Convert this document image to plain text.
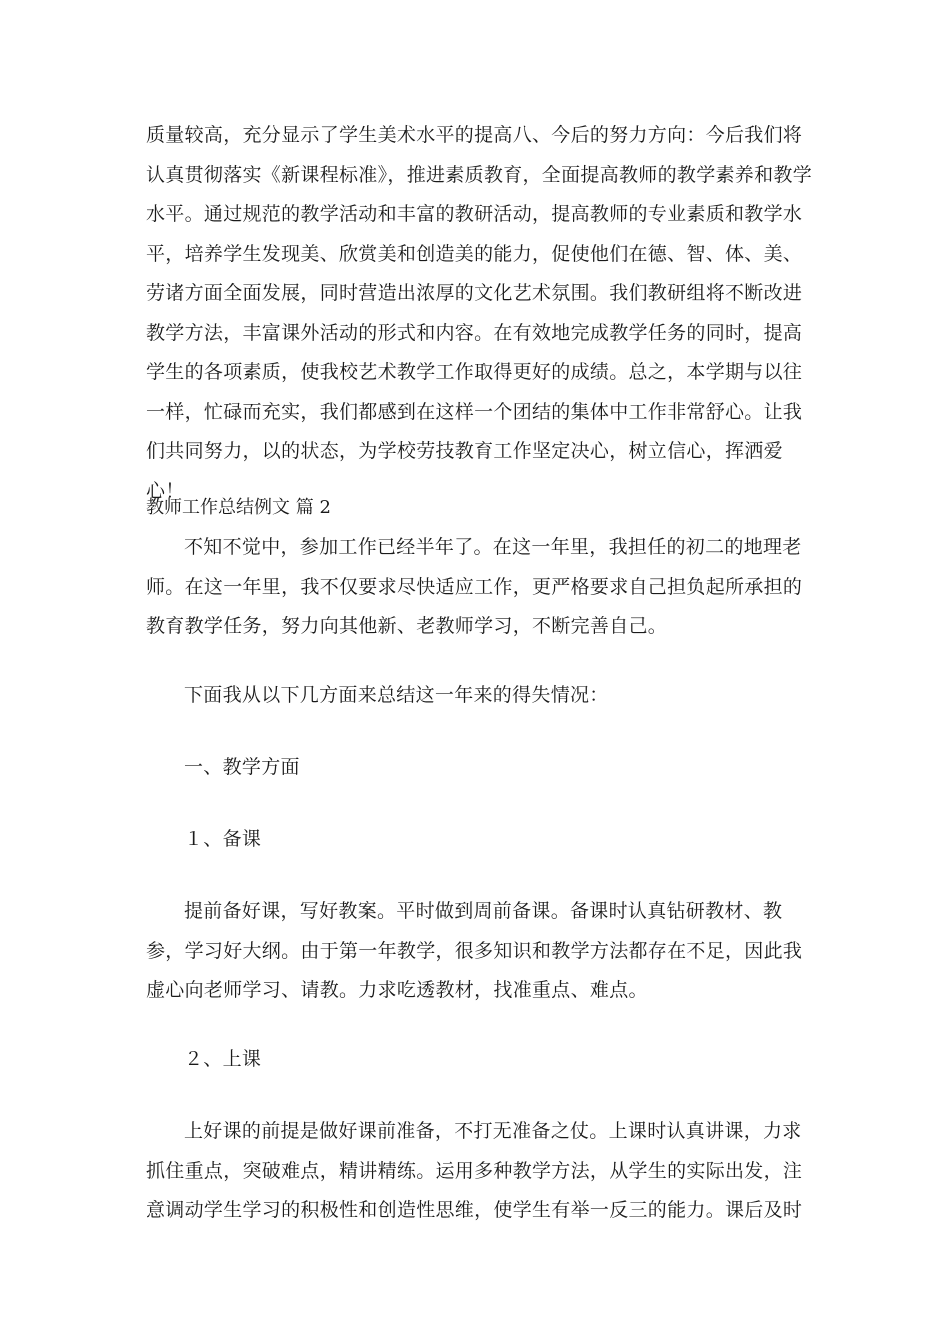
质量较高，充分显示了学生美术水平的提高八、今后的努力方向：今后我们将认真贯彻落实《新课程标准》，推进素质教育，全面提高教师的教学素养和教学水平。通过规范的教学活动和丰富的教研活动，提高教师的专业素质和教学水平，培养学生发现美、欣赏美和创造美的能力，促使他们在德、智、体、美、劳诸方面全面发展，同时营造出浓厚的文化艺术氛围。我们教研组将不断改进教学方法，丰富课外活动的形式和内容。在有效地完成教学任务的同时，提高学生的各项素质，使我校艺术教学工作取得更好的成绩。总之，本学期与以往一样，忙碌而充实，我们都感到在这样一个团结的集体中工作非常舒心。让我们共同努力，以的状态，为学校劳技教育工作坚定决心，树立信心，挥洒爱心！

教师工作总结例文 篇 2

不知不觉中，参加工作已经半年了。在这一年里，我担任的初二的地理老师。在这一年里，我不仅要求尽快适应工作，更严格要求自己担负起所承担的教育教学任务，努力向其他新、老教师学习，不断完善自己。

下面我从以下几方面来总结这一年来的得失情况：

一、教学方面

１、备课

提前备好课，写好教案。平时做到周前备课。备课时认真钻研教材、教参，学习好大纲。由于第一年教学，很多知识和教学方法都存在不足，因此我虚心向老师学习、请教。力求吃透教材，找准重点、难点。

２、上课

上好课的前提是做好课前准备，不打无准备之仗。上课时认真讲课，力求抓住重点，突破难点，精讲精练。运用多种教学方法，从学生的实际出发，注意调动学生学习的积极性和创造性思维，使学生有举一反三的能力。课后及时
